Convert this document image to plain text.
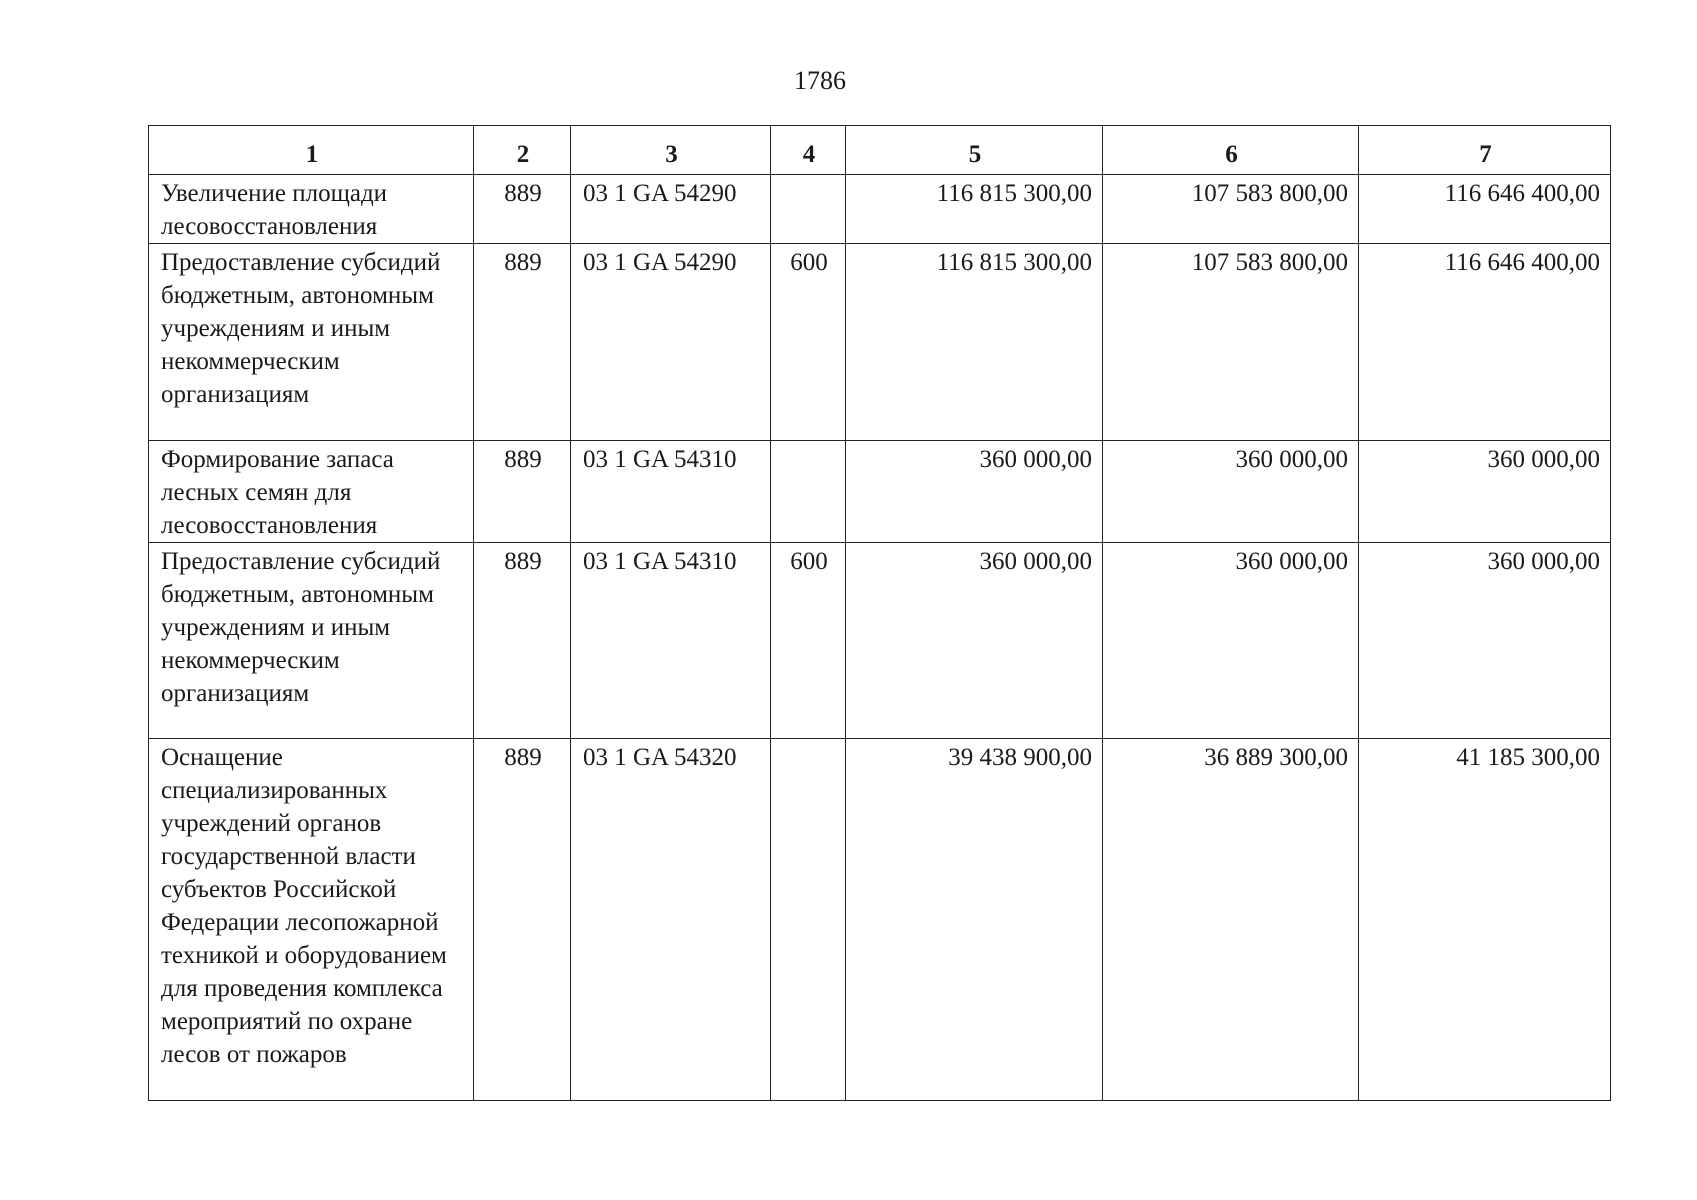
1786
1	2	3	4	5	6	7
Увеличение площади лесовосстановления	889	03 1 GA 54290		116 815 300,00	107 583 800,00	116 646 400,00
Предоставление субсидий бюджетным, автономным учреждениям и иным некоммерческим организациям	889	03 1 GA 54290	600	116 815 300,00	107 583 800,00	116 646 400,00
Формирование запаса лесных семян для лесовосстановления	889	03 1 GA 54310		360 000,00	360 000,00	360 000,00
Предоставление субсидий бюджетным, автономным учреждениям и иным некоммерческим организациям	889	03 1 GA 54310	600	360 000,00	360 000,00	360 000,00
Оснащение специализированных учреждений органов государственной власти субъектов Российской Федерации лесопожарной техникой и оборудованием для проведения комплекса мероприятий по охране лесов от пожаров	889	03 1 GA 54320		39 438 900,00	36 889 300,00	41 185 300,00
